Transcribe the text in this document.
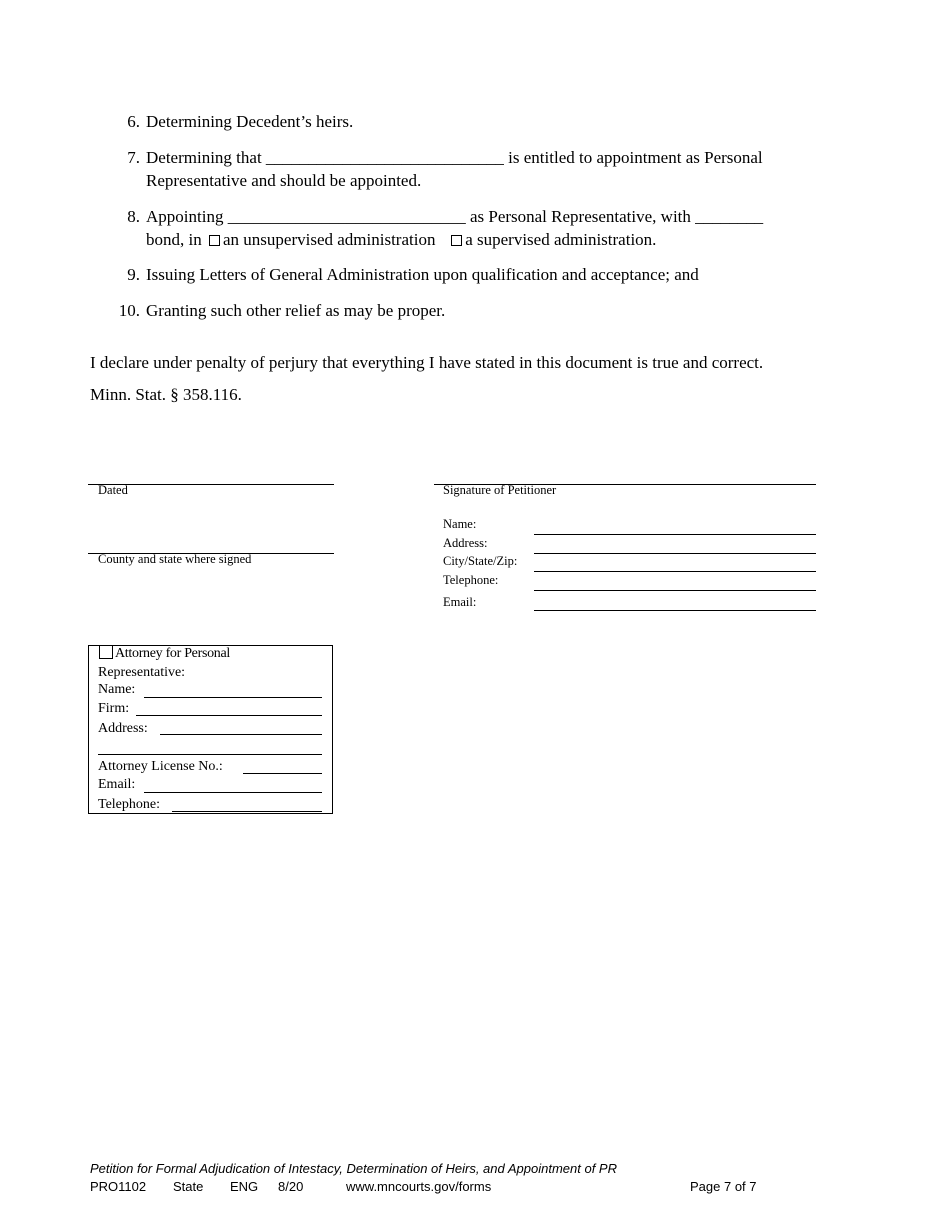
6. Determining Decedent’s heirs.
7. Determining that ____________________________ is entitled to appointment as Personal
Representative and should be appointed.
8. Appointing ____________________________ as Personal Representative, with ________
bond, in an unsupervised administration a supervised administration.
9. Issuing Letters of General Administration upon qualification and acceptance; and
10. Granting such other relief as may be proper.
I declare under penalty of perjury that everything I have stated in this document is true and correct.
Minn. Stat. § 358.116.
Dated
County and state where signed
Signature of Petitioner
Name:
Address:
City/State/Zip:
Telephone:
Email:
Attorney for Personal
Representative:
Name:
Firm:
Address:
Attorney License No.:
Email:
Telephone:
Petition for Formal Adjudication of Intestacy, Determination of Heirs, and Appointment of PR
PRO1102 State ENG 8/20	www.mncourts.gov/forms	Page 7 of 7
